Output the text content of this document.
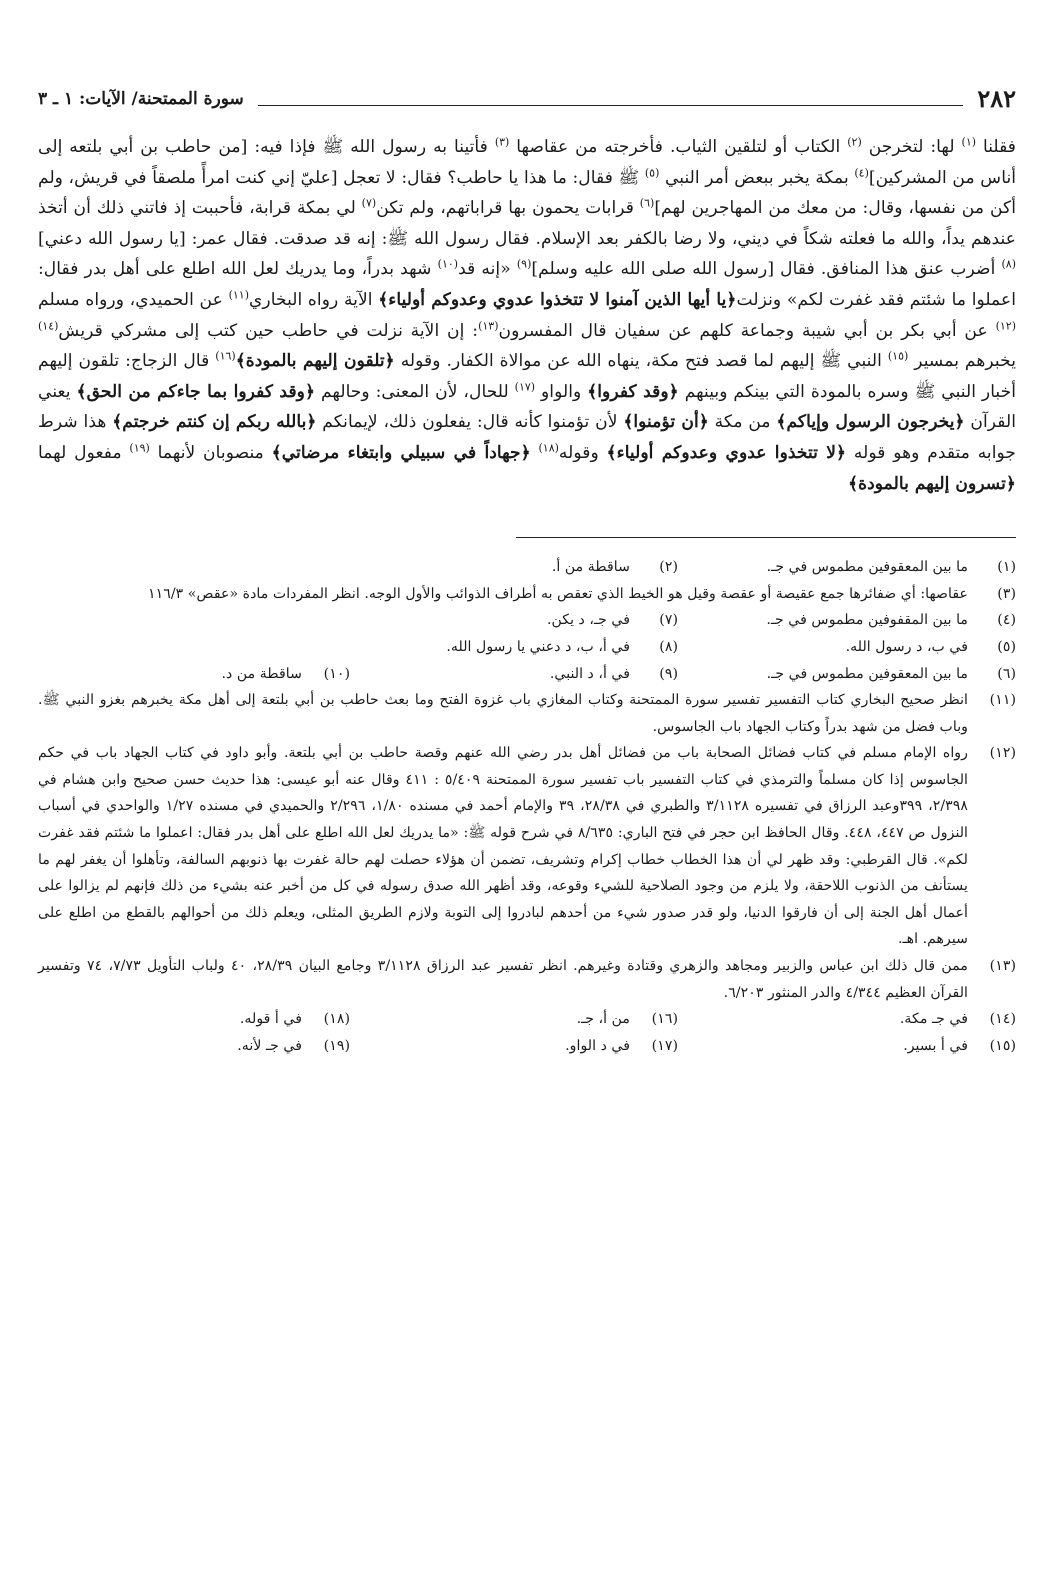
٢٨٢
سورة الممتحنة/ الآيات: ١ ـ ٣

فقلنا $^{(١)}$ لها: لتخرجن $^{(٢)}$ الكتاب أو لتلقين الثياب. فأخرجته من عقاصها $^{(٣)}$ فأتينا به رسول الله ﷺ فإذا فيه: [من حاطب بن أبي بلتعه إلى أناس من المشركين]$^{(٤)}$ بمكة يخبر ببعض أمر النبي $^{(٥)}$ ﷺ فقال: ما هذا يا حاطب؟ فقال: لا تعجل [عليّ إني كنت امرأً ملصقاً في قريش، ولم أكن من نفسها، وقال: من معك من المهاجرين لهم]$^{(٦)}$ قرابات يحمون بها قراباتهم، ولم تكن$^{(٧)}$ لي بمكة قرابة، فأحببت إذ فاتني ذلك أن أتخذ عندهم يداً، والله ما فعلته شكاً في ديني، ولا رضا بالكفر بعد الإسلام. فقال رسول الله ﷺ: إنه قد صدقت. فقال عمر: [يا رسول الله دعني]$^{(٨)}$ أضرب عنق هذا المنافق. فقال [رسول الله صلى الله عليه وسلم]$^{(٩)}$ «إنه قد$^{(١٠)}$ شهد بدراً، وما يدريك لعل الله اطلع على أهل بدر فقال: اعملوا ما شئتم فقد غفرت لكم» ونزلت﴿يا أيها الذين آمنوا لا تتخذوا عدوي وعدوكم أولياء﴾ الآية رواه البخاري$^{(١١)}$ عن الحميدي، ورواه مسلم $^{(١٢)}$ عن أبي بكر بن أبي شيبة وجماعة كلهم عن سفيان قال المفسرون$^{(١٣)}$: إن الآية نزلت في حاطب حين كتب إلى مشركي قريش$^{(١٤)}$ يخبرهم بمسير $^{(١٥)}$ النبي ﷺ إليهم لما قصد فتح مكة، ينهاه الله عن موالاة الكفار. وقوله ﴿تلقون إليهم بالمودة﴾$^{(١٦)}$ قال الزجاج: تلقون إليهم أخبار النبي ﷺ وسره بالمودة التي بينكم وبينهم ﴿وقد كفروا﴾ والواو $^{(١٧)}$ للحال، لأن المعنى: وحالهم ﴿وقد كفروا بما جاءكم من الحق﴾ يعني القرآن ﴿يخرجون الرسول وإياكم﴾ من مكة ﴿أن تؤمنوا﴾ لأن تؤمنوا كأنه قال: يفعلون ذلك، لإيمانكم ﴿بالله ربكم إن كنتم خرجتم﴾ هذا شرط جوابه متقدم وهو قوله ﴿لا تتخذوا عدوي وعدوكم أولياء﴾ وقوله$^{(١٨)}$ ﴿جهاداً في سبيلي وابتغاء مرضاتي﴾ منصوبان لأنهما $^{(١٩)}$ مفعول لهما ﴿تسرون إليهم بالمودة﴾

(١)
ما بين المعقوفين مطموس في جـ.
(٢)
ساقطة من أ.
(٣)
عقاصها: أي ضفائرها جمع عقيصة أو عقصة وقيل هو الخيط الذي تعقص به أطراف الذوائب والأول الوجه. انظر المفردات مادة «عقص» ١١٦/٣
(٤)
ما بين المقفوفين مطموس في جـ.
(٧)
في جـ، د يكن.
(٥)
في ب، د رسول الله.
(٨)
في أ، ب، د دعني يا رسول الله.
(٦)
ما بين المعقوفين مطموس في جـ.
(٩)
في أ، د النبي.
(١٠)
ساقطة من د.
(١١)
انظر صحيح البخاري كتاب التفسير تفسير سورة الممتحنة وكتاب المغازي باب غزوة الفتح وما بعث حاطب بن أبي بلتعة إلى أهل مكة يخبرهم بغزو النبي ﷺ. وباب فضل من شهد بدراً وكتاب الجهاد باب الجاسوس.
(١٢)
رواه الإمام مسلم في كتاب فضائل الصحابة باب من فضائل أهل بدر رضي الله عنهم وقصة حاطب بن أبي بلتعة. وأبو داود في كتاب الجهاد باب في حكم الجاسوس إذا كان مسلماً والترمذي في كتاب التفسير باب تفسير سورة الممتحنة ٥/٤٠٩ : ٤١١ وقال عنه أبو عيسى: هذا حديث حسن صحيح وابن هشام في ٢/٣٩٨، ٣٩٩وعبد الرزاق في تفسيره ٣/١١٢٨ والطبري في ٢٨/٣٨، ٣٩ والإمام أحمد في مسنده ١/٨٠، ٢/٢٩٦ والحميدي في مسنده ١/٢٧ والواحدي في أسباب النزول ص ٤٤٧، ٤٤٨. وقال الحافظ ابن حجر في فتح الباري: ٨/٦٣٥ في شرح قوله ﷺ: «ما يدريك لعل الله اطلع على أهل بدر فقال: اعملوا ما شئتم فقد غفرت لكم». قال القرطبي: وقد ظهر لي أن هذا الخطاب خطاب إكرام وتشريف، تضمن أن هؤلاء حصلت لهم حالة غفرت بها ذنوبهم السالفة، وتأهلوا أن يغفر لهم ما يستأنف من الذنوب اللاحقة، ولا يلزم من وجود الصلاحية للشيء وقوعه، وقد أظهر الله صدق رسوله في كل من أخبر عنه بشيء من ذلك فإنهم لم يزالوا على أعمال أهل الجنة إلى أن فارقوا الدنيا، ولو قدر صدور شيء من أحدهم لبادروا إلى التوبة ولازم الطريق المثلى، ويعلم ذلك من أحوالهم بالقطع من اطلع على سيرهم. اهـ.
(١٣)
ممن قال ذلك ابن عباس والزبير ومجاهد والزهري وقتادة وغيرهم. انظر تفسير عبد الرزاق ٣/١١٢٨ وجامع البيان ٢٨/٣٩، ٤٠ ولباب التأويل ٧/٧٣، ٧٤ وتفسير القرآن العظيم ٤/٣٤٤ والدر المنثور ٦/٢٠٣.
(١٤)
في جـ مكة.
(١٦)
من أ، جـ.
(١٨)
في أ قوله.
(١٥)
في أ بسير.
(١٧)
في د الواو.
(١٩)
في جـ لأنه.
